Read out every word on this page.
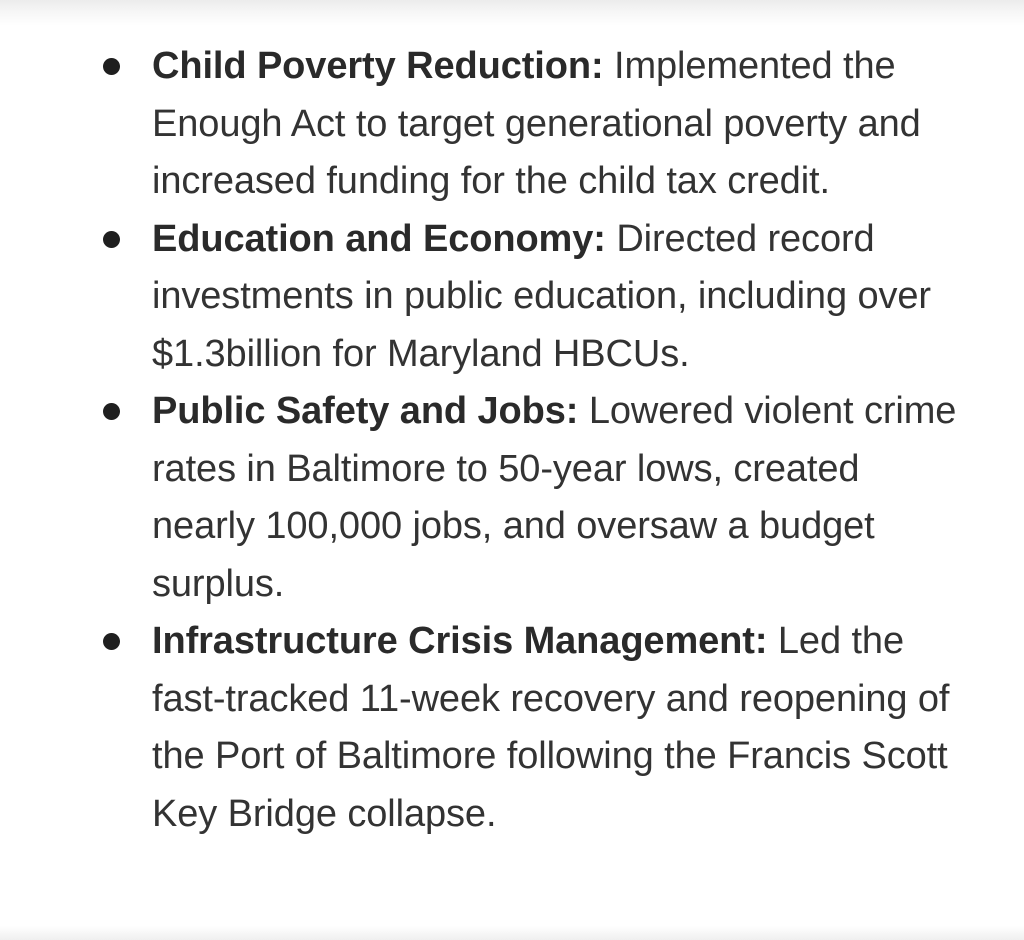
Child Poverty Reduction: Implemented the Enough Act to target generational poverty and increased funding for the child tax credit.
Education and Economy: Directed record investments in public education, including over $1.3billion for Maryland HBCUs.
Public Safety and Jobs: Lowered violent crime rates in Baltimore to 50-year lows, created nearly 100,000 jobs, and oversaw a budget surplus.
Infrastructure Crisis Management: Led the fast-tracked 11-week recovery and reopening of the Port of Baltimore following the Francis Scott Key Bridge collapse.
